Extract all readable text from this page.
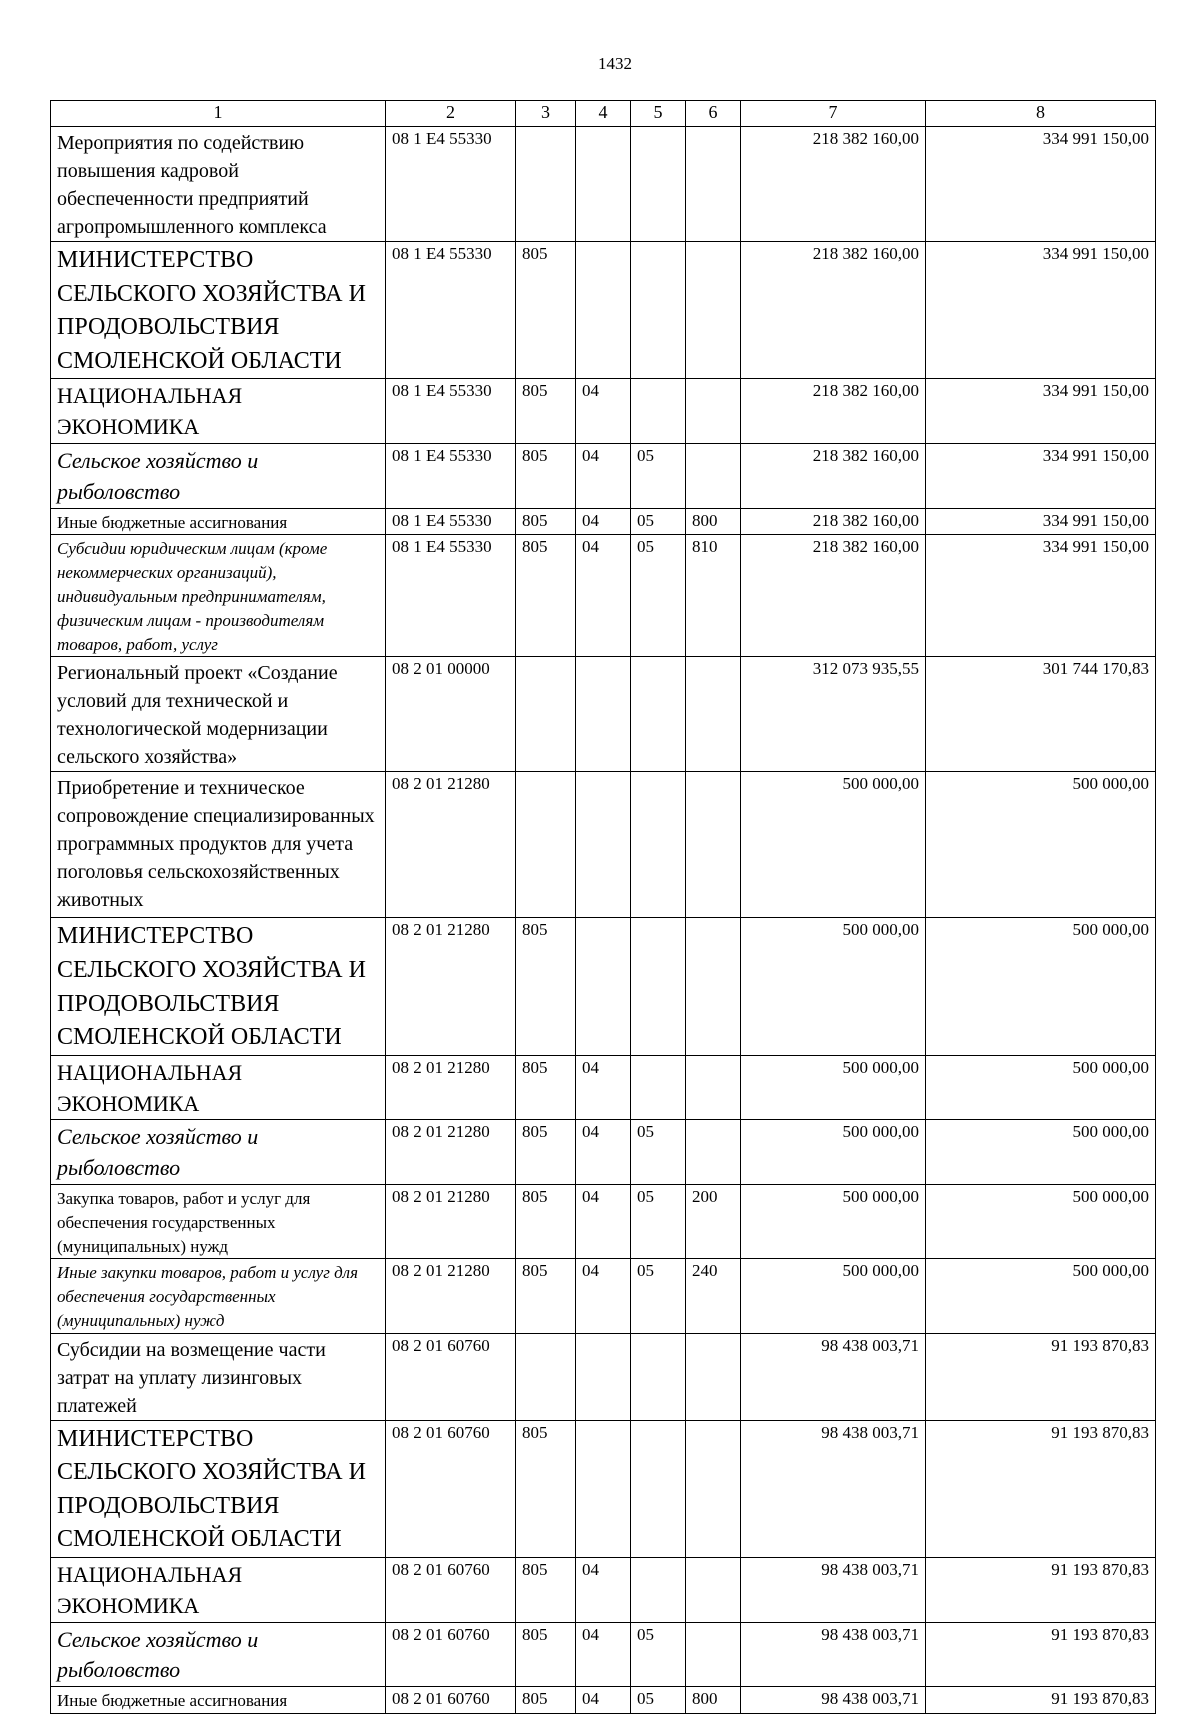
1432
1	2	3	4	5	6	7	8
Мероприятия по содействию повышения кадровой обеспеченности предприятий агропромышленного комплекса	08 1 E4 55330					218 382 160,00	334 991 150,00
МИНИСТЕРСТВО СЕЛЬСКОГО ХОЗЯЙСТВА И ПРОДОВОЛЬСТВИЯ СМОЛЕНСКОЙ ОБЛАСТИ	08 1 E4 55330	805				218 382 160,00	334 991 150,00
НАЦИОНАЛЬНАЯ ЭКОНОМИКА	08 1 E4 55330	805	04			218 382 160,00	334 991 150,00
Сельское хозяйство и рыболовство	08 1 E4 55330	805	04	05		218 382 160,00	334 991 150,00
Иные бюджетные ассигнования	08 1 E4 55330	805	04	05	800	218 382 160,00	334 991 150,00
Субсидии юридическим лицам (кроме некоммерческих организаций), индивидуальным предпринимателям, физическим лицам - производителям товаров, работ, услуг	08 1 E4 55330	805	04	05	810	218 382 160,00	334 991 150,00
Региональный проект «Создание условий для технической и технологической модернизации сельского хозяйства»	08 2 01 00000					312 073 935,55	301 744 170,83
Приобретение и техническое сопровождение специализированных программных продуктов для учета поголовья сельскохозяйственных животных	08 2 01 21280					500 000,00	500 000,00
МИНИСТЕРСТВО СЕЛЬСКОГО ХОЗЯЙСТВА И ПРОДОВОЛЬСТВИЯ СМОЛЕНСКОЙ ОБЛАСТИ	08 2 01 21280	805				500 000,00	500 000,00
НАЦИОНАЛЬНАЯ ЭКОНОМИКА	08 2 01 21280	805	04			500 000,00	500 000,00
Сельское хозяйство и рыболовство	08 2 01 21280	805	04	05		500 000,00	500 000,00
Закупка товаров, работ и услуг для обеспечения государственных (муниципальных) нужд	08 2 01 21280	805	04	05	200	500 000,00	500 000,00
Иные закупки товаров, работ и услуг для обеспечения государственных (муниципальных) нужд	08 2 01 21280	805	04	05	240	500 000,00	500 000,00
Субсидии на возмещение части затрат на уплату лизинговых платежей	08 2 01 60760					98 438 003,71	91 193 870,83
МИНИСТЕРСТВО СЕЛЬСКОГО ХОЗЯЙСТВА И ПРОДОВОЛЬСТВИЯ СМОЛЕНСКОЙ ОБЛАСТИ	08 2 01 60760	805				98 438 003,71	91 193 870,83
НАЦИОНАЛЬНАЯ ЭКОНОМИКА	08 2 01 60760	805	04			98 438 003,71	91 193 870,83
Сельское хозяйство и рыболовство	08 2 01 60760	805	04	05		98 438 003,71	91 193 870,83
Иные бюджетные ассигнования	08 2 01 60760	805	04	05	800	98 438 003,71	91 193 870,83
